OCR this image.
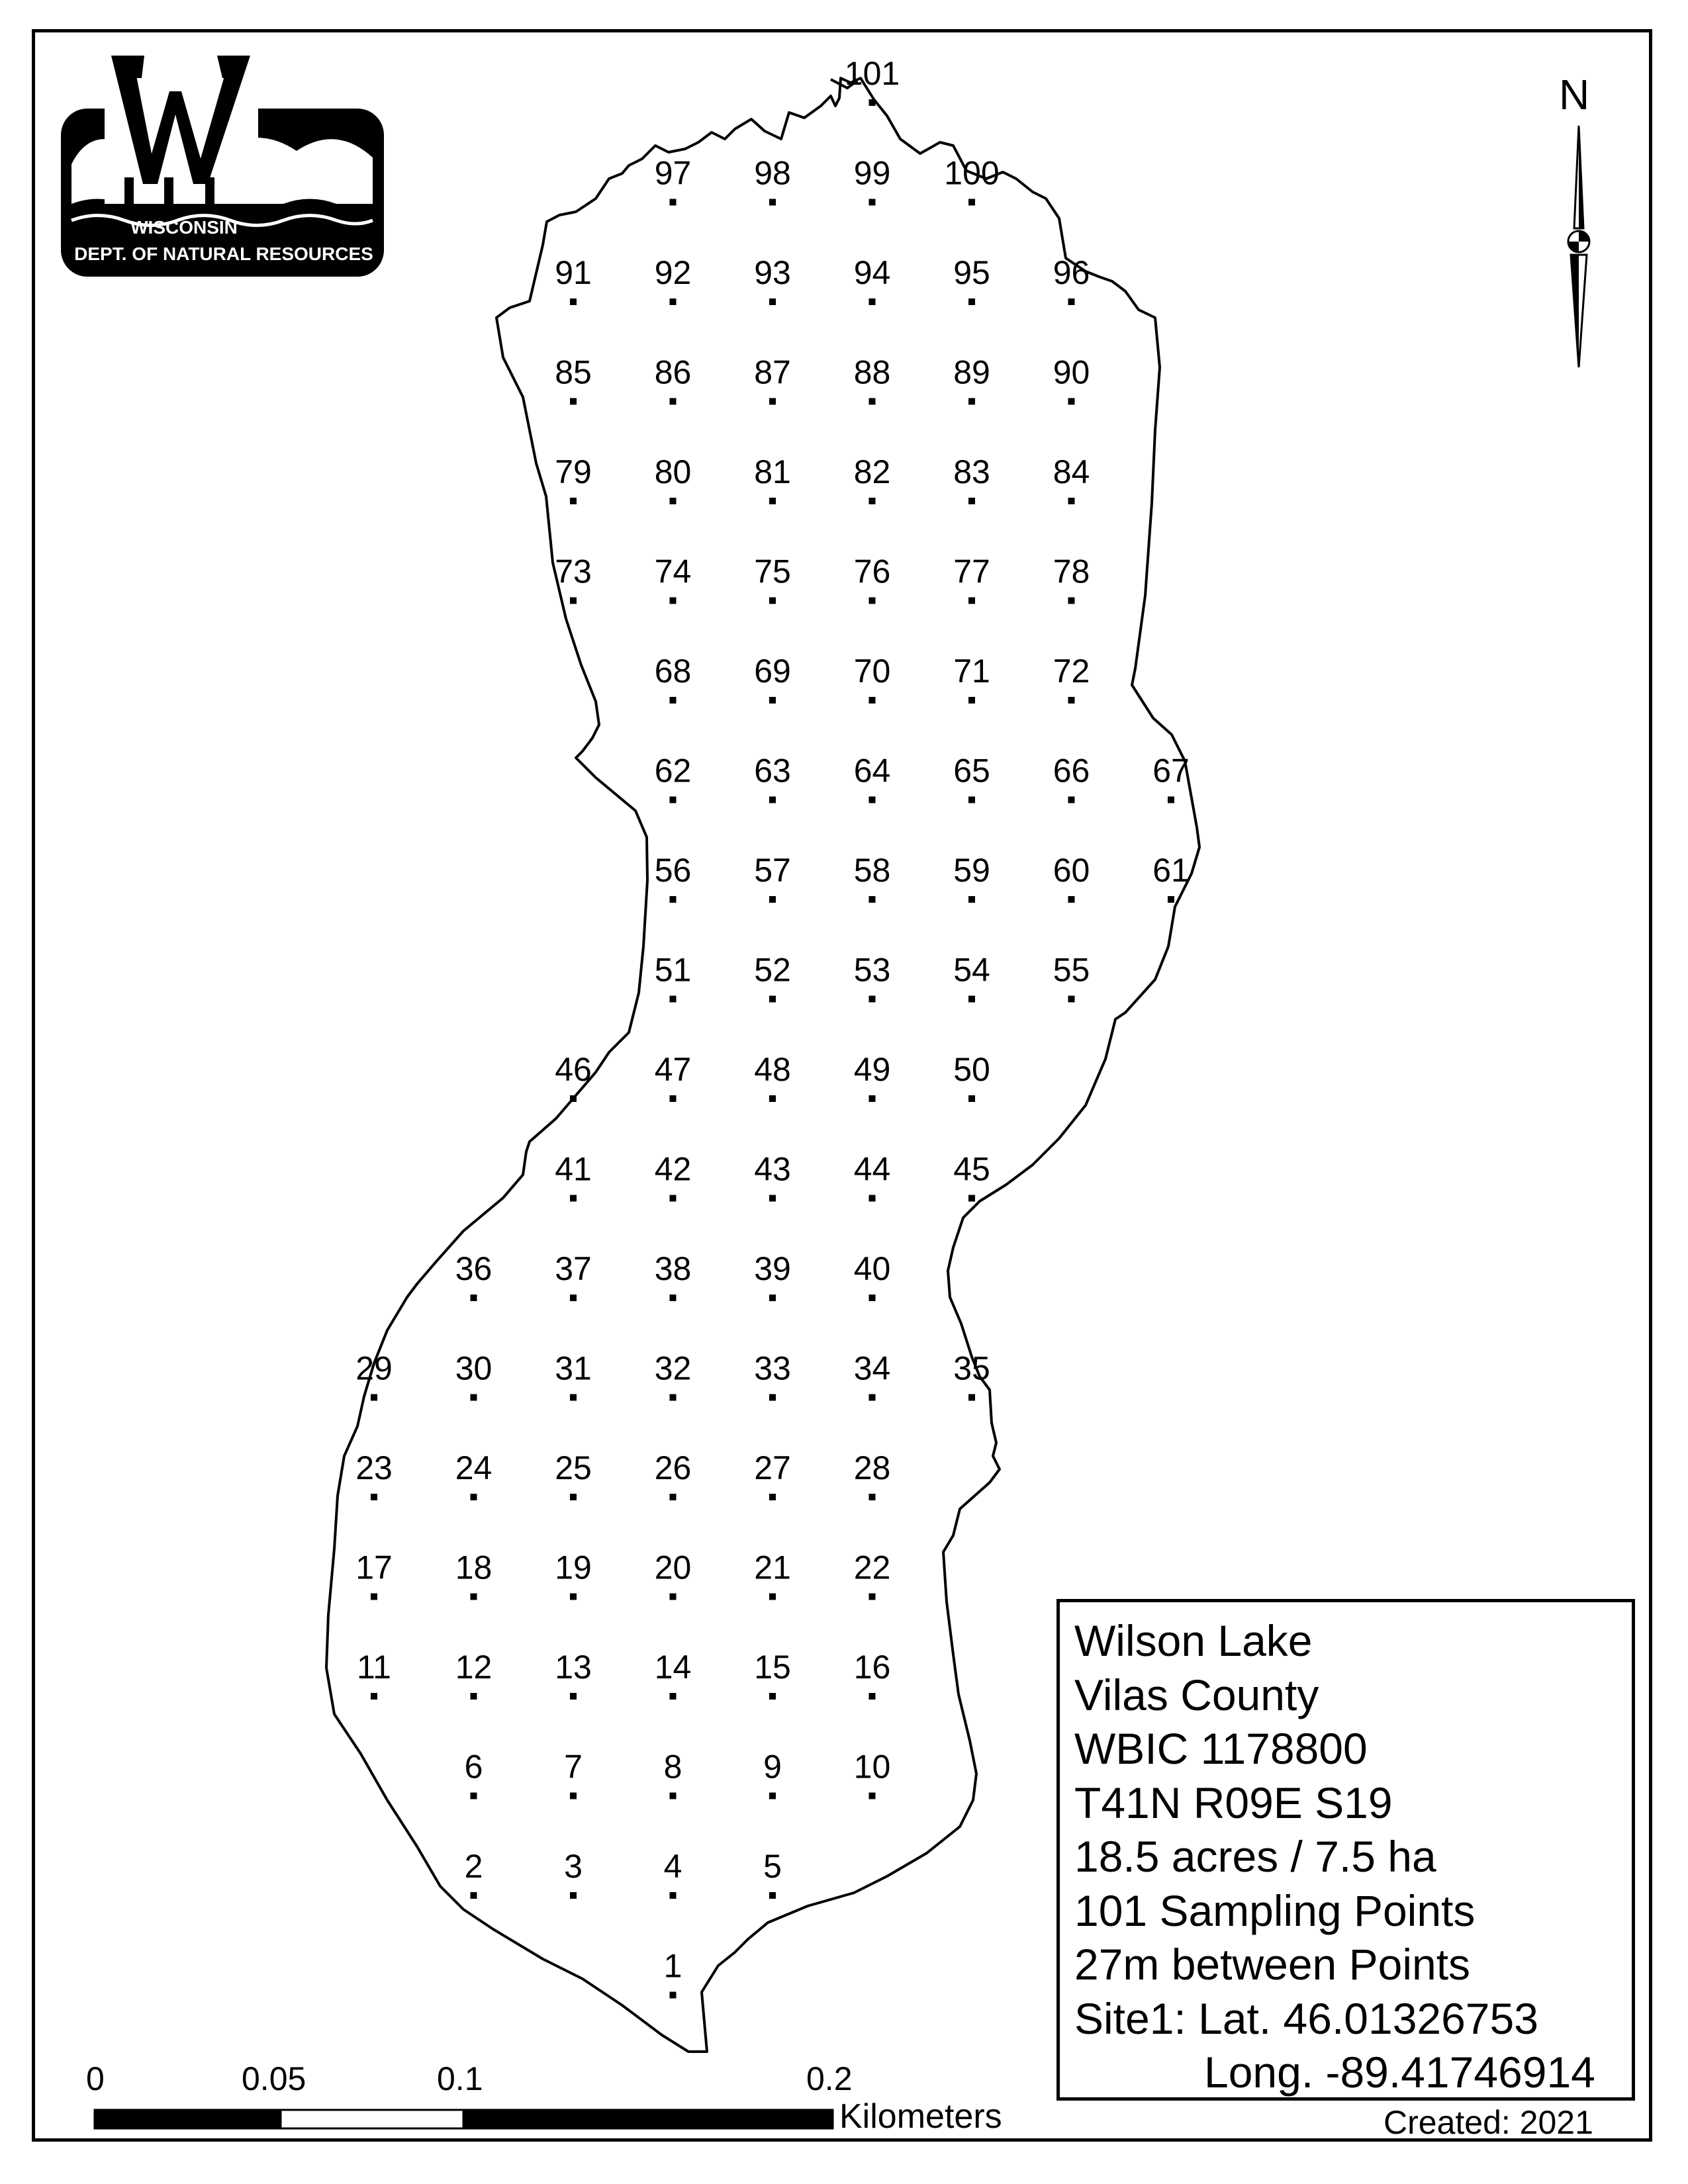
101
97 98 99 100
91 92 93 94 95 96
85 86 87 88 89 90
79 80 81 82 83 84
73 74 75 76 77 78
68 69 70 71 72
62 63 64 65 66 67
56 57 58 59 60 61
51 52 53 54 55
46 47 48 49 50
41 42 43 44 45
36 37 38 39 40
29 30 31 32 33 34 35
23 24 25 26 27 28
17 18 19 20 21 22
11 12 13 14 15 16
6 7 8 9 10
2 3 4 5
1
WISCONSIN
DEPT. OF NATURAL RESOURCES
N
0	0.05	0.1	0.2
Kilometers
Wilson Lake
Vilas County
WBIC 1178800
T41N R09E S19
18.5 acres / 7.5 ha
101 Sampling Points
27m between Points
Site1: Lat. 46.01326753
Long. -89.41746914
Created: 2021
